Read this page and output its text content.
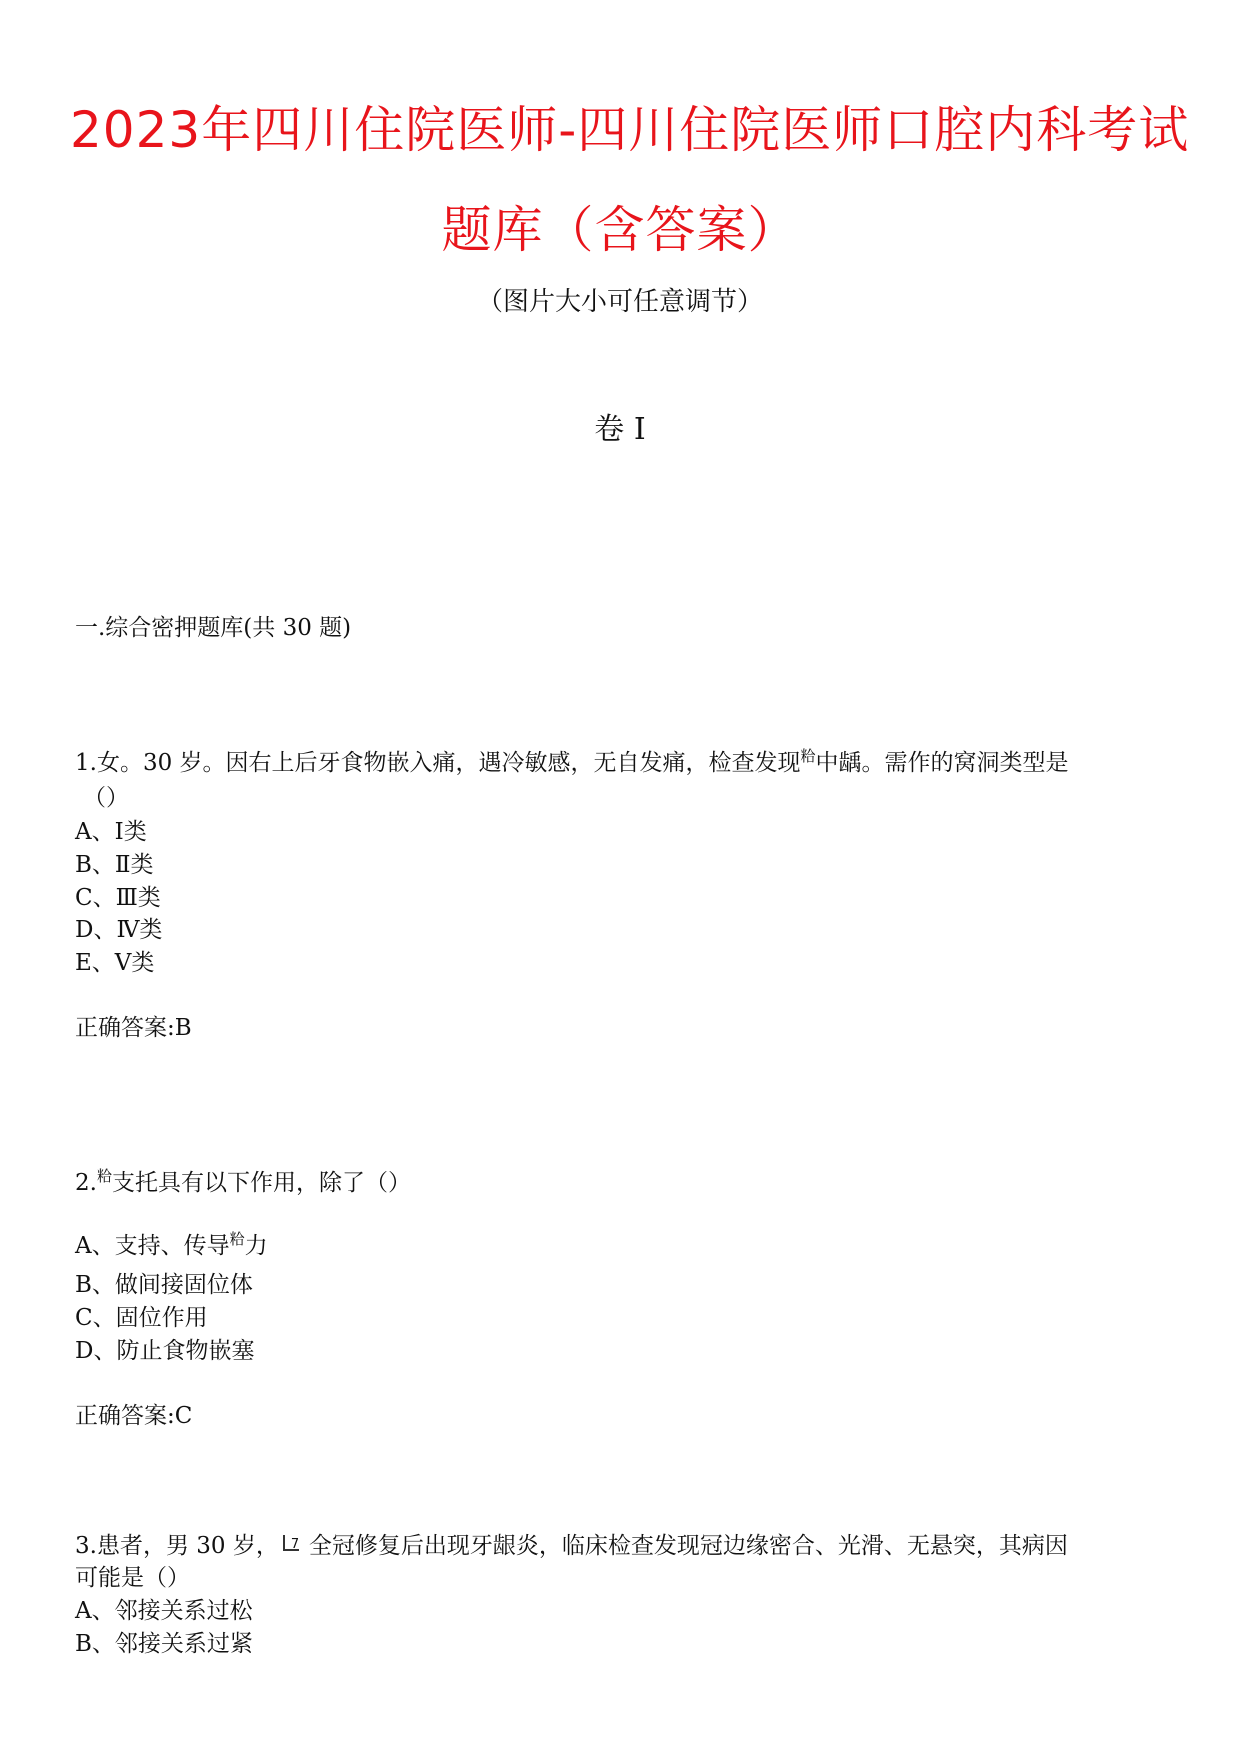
2023年四川住院医师-四川住院医师口腔内科考试
题库（含答案）
（图片大小可任意调节）
卷 I
一.综合密押题库(共 30 题)
1.女。30 岁。因右上后牙食物嵌入痛，遇冷敏感，无自发痛，检查发现$^粭$中龋。需作的窝洞类型是
（）
A、Ⅰ类
B、Ⅱ类
C、Ⅲ类
D、Ⅳ类
E、Ⅴ类
正确答案:B
2.$^粭$支托具有以下作用，除了（）
A、支持、传导$^粭$力
B、做间接固位体
C、固位作用
D、防止食物嵌塞
正确答案:C
3.患者，男 30 岁，7 全冠修复后出现牙龈炎，临床检查发现冠边缘密合、光滑、无悬突，其病因
可能是（）
A、邻接关系过松
B、邻接关系过紧
